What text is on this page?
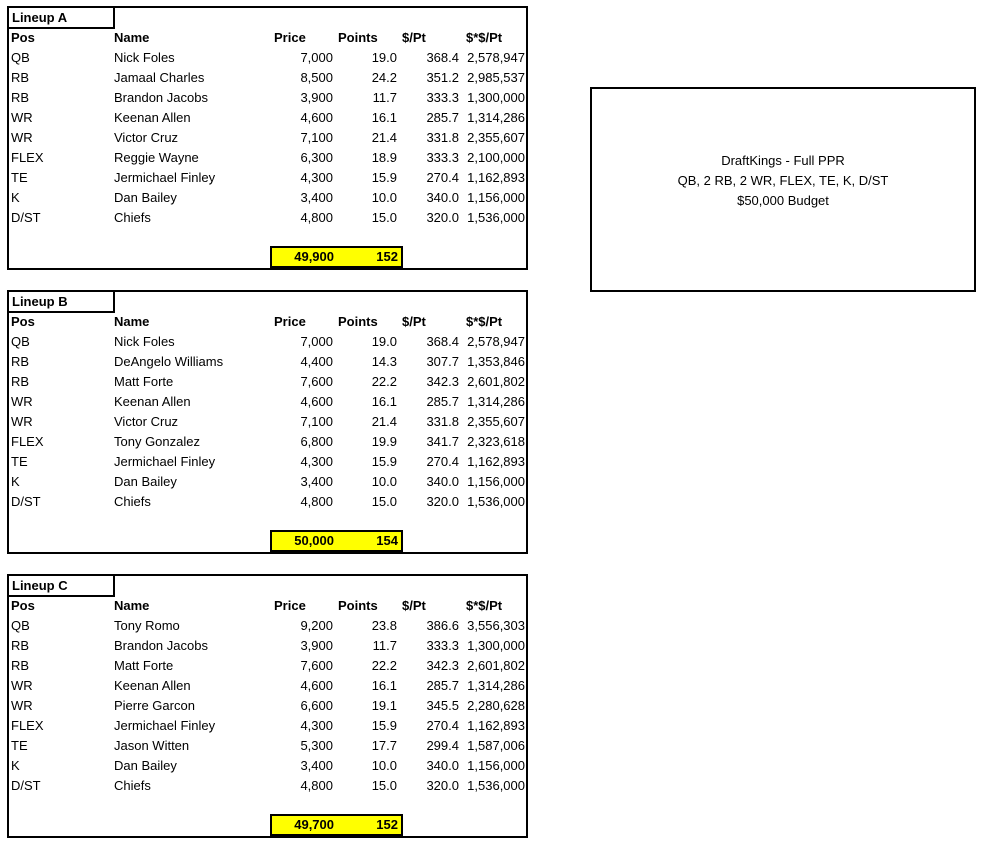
Lineup A
Pos	Name	Price Points $/Pt	$*$/Pt
QB	Nick Foles	7,000	19.0	368.4 2,578,947
RB	Jamaal Charles	8,500	24.2	351.2 2,985,537
RB	Brandon Jacobs	3,900	11.7	333.3 1,300,000
WR	Keenan Allen	4,600	16.1	285.7 1,314,286
WR	Victor Cruz	7,100	21.4	331.8 2,355,607
FLEX	Reggie Wayne	6,300	18.9	333.3 2,100,000
TE	Jermichael Finley	4,300	15.9	270.4 1,162,893
K	Dan Bailey	3,400	10.0	340.0 1,156,000
D/ST	Chiefs	4,800	15.0	320.0 1,536,000
49,900	152
Lineup B
Pos	Name	Price Points $/Pt	$*$/Pt
QB	Nick Foles	7,000	19.0	368.4 2,578,947
RB	DeAngelo Williams	4,400	14.3	307.7 1,353,846
RB	Matt Forte	7,600	22.2	342.3 2,601,802
WR	Keenan Allen	4,600	16.1	285.7 1,314,286
WR	Victor Cruz	7,100	21.4	331.8 2,355,607
FLEX	Tony Gonzalez	6,800	19.9	341.7 2,323,618
TE	Jermichael Finley	4,300	15.9	270.4 1,162,893
K	Dan Bailey	3,400	10.0	340.0 1,156,000
D/ST	Chiefs	4,800	15.0	320.0 1,536,000
50,000	154
Lineup C
Pos	Name	Price Points $/Pt	$*$/Pt
QB	Tony Romo	9,200	23.8	386.6 3,556,303
RB	Brandon Jacobs	3,900	11.7	333.3 1,300,000
RB	Matt Forte	7,600	22.2	342.3 2,601,802
WR	Keenan Allen	4,600	16.1	285.7 1,314,286
WR	Pierre Garcon	6,600	19.1	345.5 2,280,628
FLEX	Jermichael Finley	4,300	15.9	270.4 1,162,893
TE	Jason Witten	5,300	17.7	299.4 1,587,006
K	Dan Bailey	3,400	10.0	340.0 1,156,000
D/ST	Chiefs	4,800	15.0	320.0 1,536,000
49,700	152
DraftKings - Full PPR
QB, 2 RB, 2 WR, FLEX, TE, K, D/ST
$50,000 Budget
